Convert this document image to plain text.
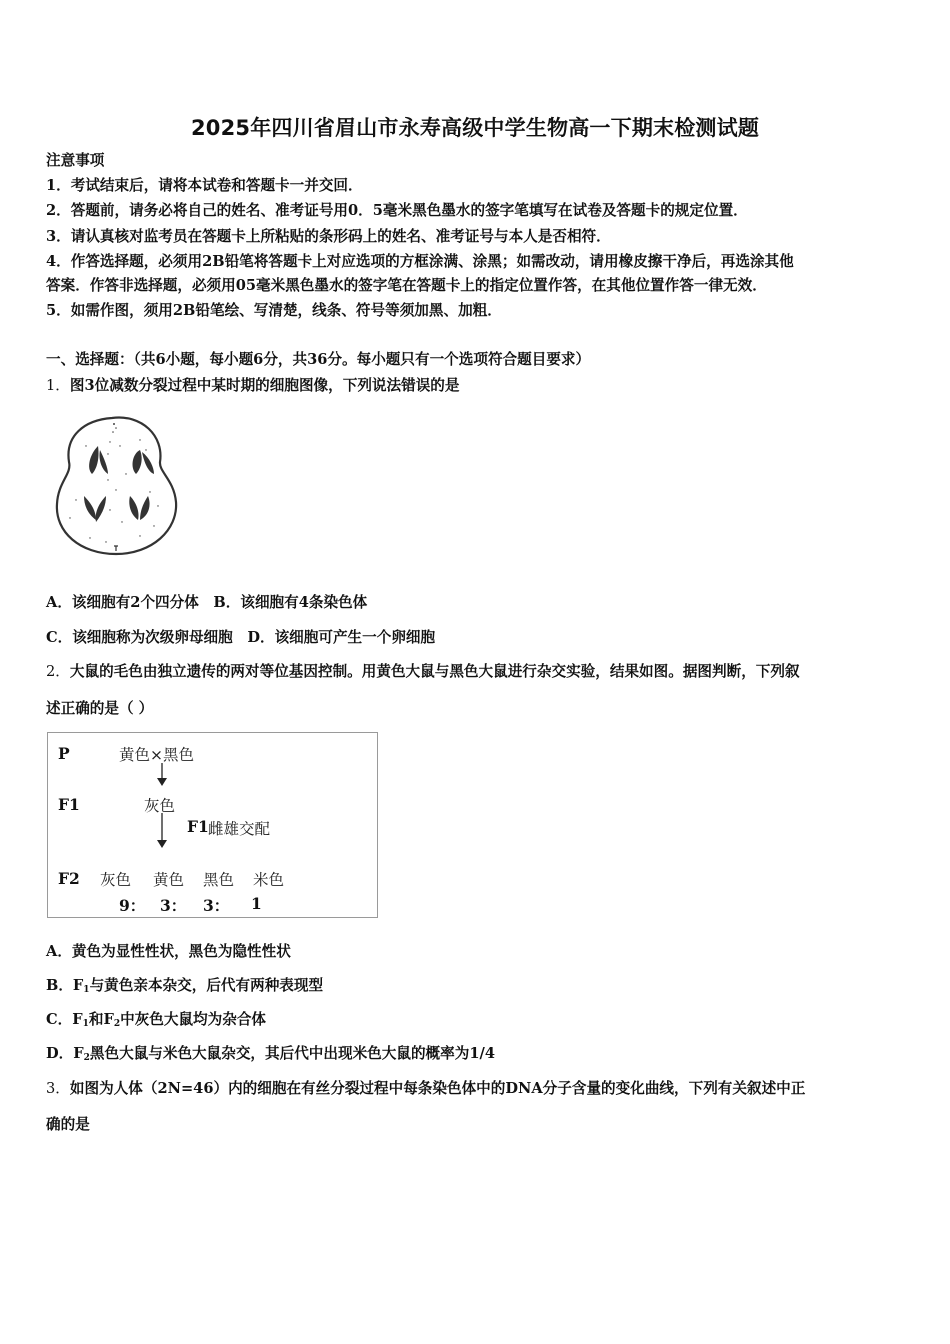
2025年四川省眉山市永寿高级中学生物高一下期末检测试题
注意事项
1．考试结束后，请将本试卷和答题卡一并交回．
2．答题前，请务必将自己的姓名、准考证号用0．5毫米黑色墨水的签字笔填写在试卷及答题卡的规定位置．
3．请认真核对监考员在答题卡上所粘贴的条形码上的姓名、准考证号与本人是否相符．
4．作答选择题，必须用2B铅笔将答题卡上对应选项的方框涂满、涂黑；如需改动，请用橡皮擦干净后，再选涂其他
答案．作答非选择题，必须用05毫米黑色墨水的签字笔在答题卡上的指定位置作答，在其他位置作答一律无效．
5．如需作图，须用2B铅笔绘、写清楚，线条、符号等须加黑、加粗．
一、选择题：（共6小题，每小题6分，共36分。每小题只有一个选项符合题目要求）
1．图3位减数分裂过程中某时期的细胞图像，下列说法错误的是
A．该细胞有2个四分体　B．该细胞有4条染色体
C．该细胞称为次级卵母细胞　D．该细胞可产生一个卵细胞
2．大鼠的毛色由独立遗传的两对等位基因控制。用黄色大鼠与黑色大鼠进行杂交实验，结果如图。据图判断，下列叙
述正确的是（ ）
P	黄色×黑色
F1	灰色
F1 雌雄交配
F2 灰色 黄色 黑色 米色
9： 3： 3： 1
A．黄色为显性性状，黑色为隐性性状
B．$F_1$与黄色亲本杂交，后代有两种表现型
C．$F_1$和$F_2$中灰色大鼠均为杂合体
D．$F_2$黑色大鼠与米色大鼠杂交，其后代中出现米色大鼠的概率为1/4
3．如图为人体（2N=46）内的细胞在有丝分裂过程中每条染色体中的DNA分子含量的变化曲线，下列有关叙述中正
确的是
